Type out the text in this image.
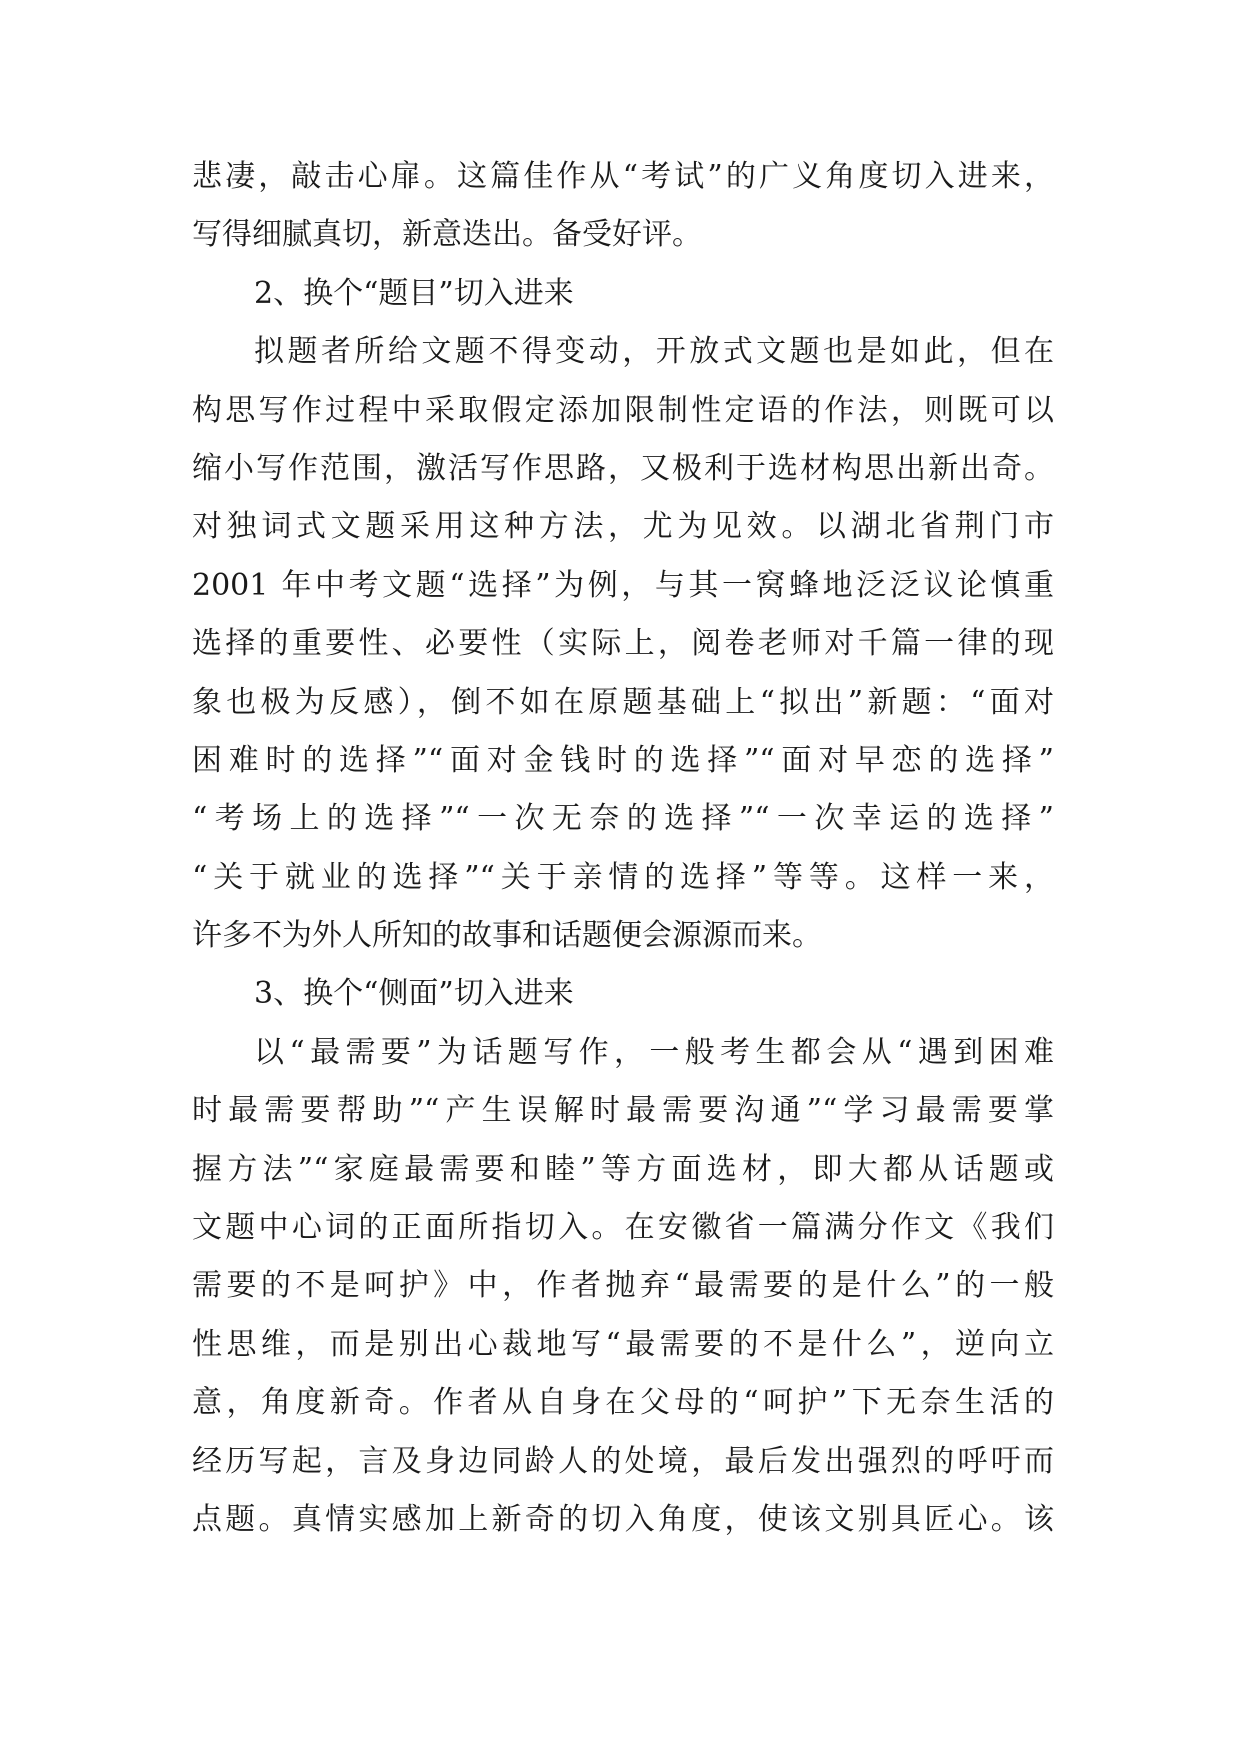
悲凄，敲击心扉。这篇佳作从“考试”的广义角度切入进来，
写得细腻真切，新意迭出。备受好评。
2、换个“题目”切入进来
拟题者所给文题不得变动，开放式文题也是如此，但在
构思写作过程中采取假定添加限制性定语的作法，则既可以
缩小写作范围，激活写作思路，又极利于选材构思出新出奇。
对独词式文题采用这种方法，尤为见效。以湖北省荆门市
2001 年中考文题“选择”为例，与其一窝蜂地泛泛议论慎重
选择的重要性、必要性（实际上，阅卷老师对千篇一律的现
象也极为反感），倒不如在原题基础上“拟出”新题：“面对
困难时的选择”“面对金钱时的选择”“面对早恋的选择”
“考场上的选择”“一次无奈的选择”“一次幸运的选择”
“关于就业的选择”“关于亲情的选择”等等。这样一来，
许多不为外人所知的故事和话题便会源源而来。
3、换个“侧面”切入进来
以“最需要”为话题写作，一般考生都会从“遇到困难
时最需要帮助”“产生误解时最需要沟通”“学习最需要掌
握方法”“家庭最需要和睦”等方面选材，即大都从话题或
文题中心词的正面所指切入。在安徽省一篇满分作文《我们
需要的不是呵护》中，作者抛弃“最需要的是什么”的一般
性思维，而是别出心裁地写“最需要的不是什么”，逆向立
意，角度新奇。作者从自身在父母的“呵护”下无奈生活的
经历写起，言及身边同龄人的处境，最后发出强烈的呼吁而
点题。真情实感加上新奇的切入角度，使该文别具匠心。该
